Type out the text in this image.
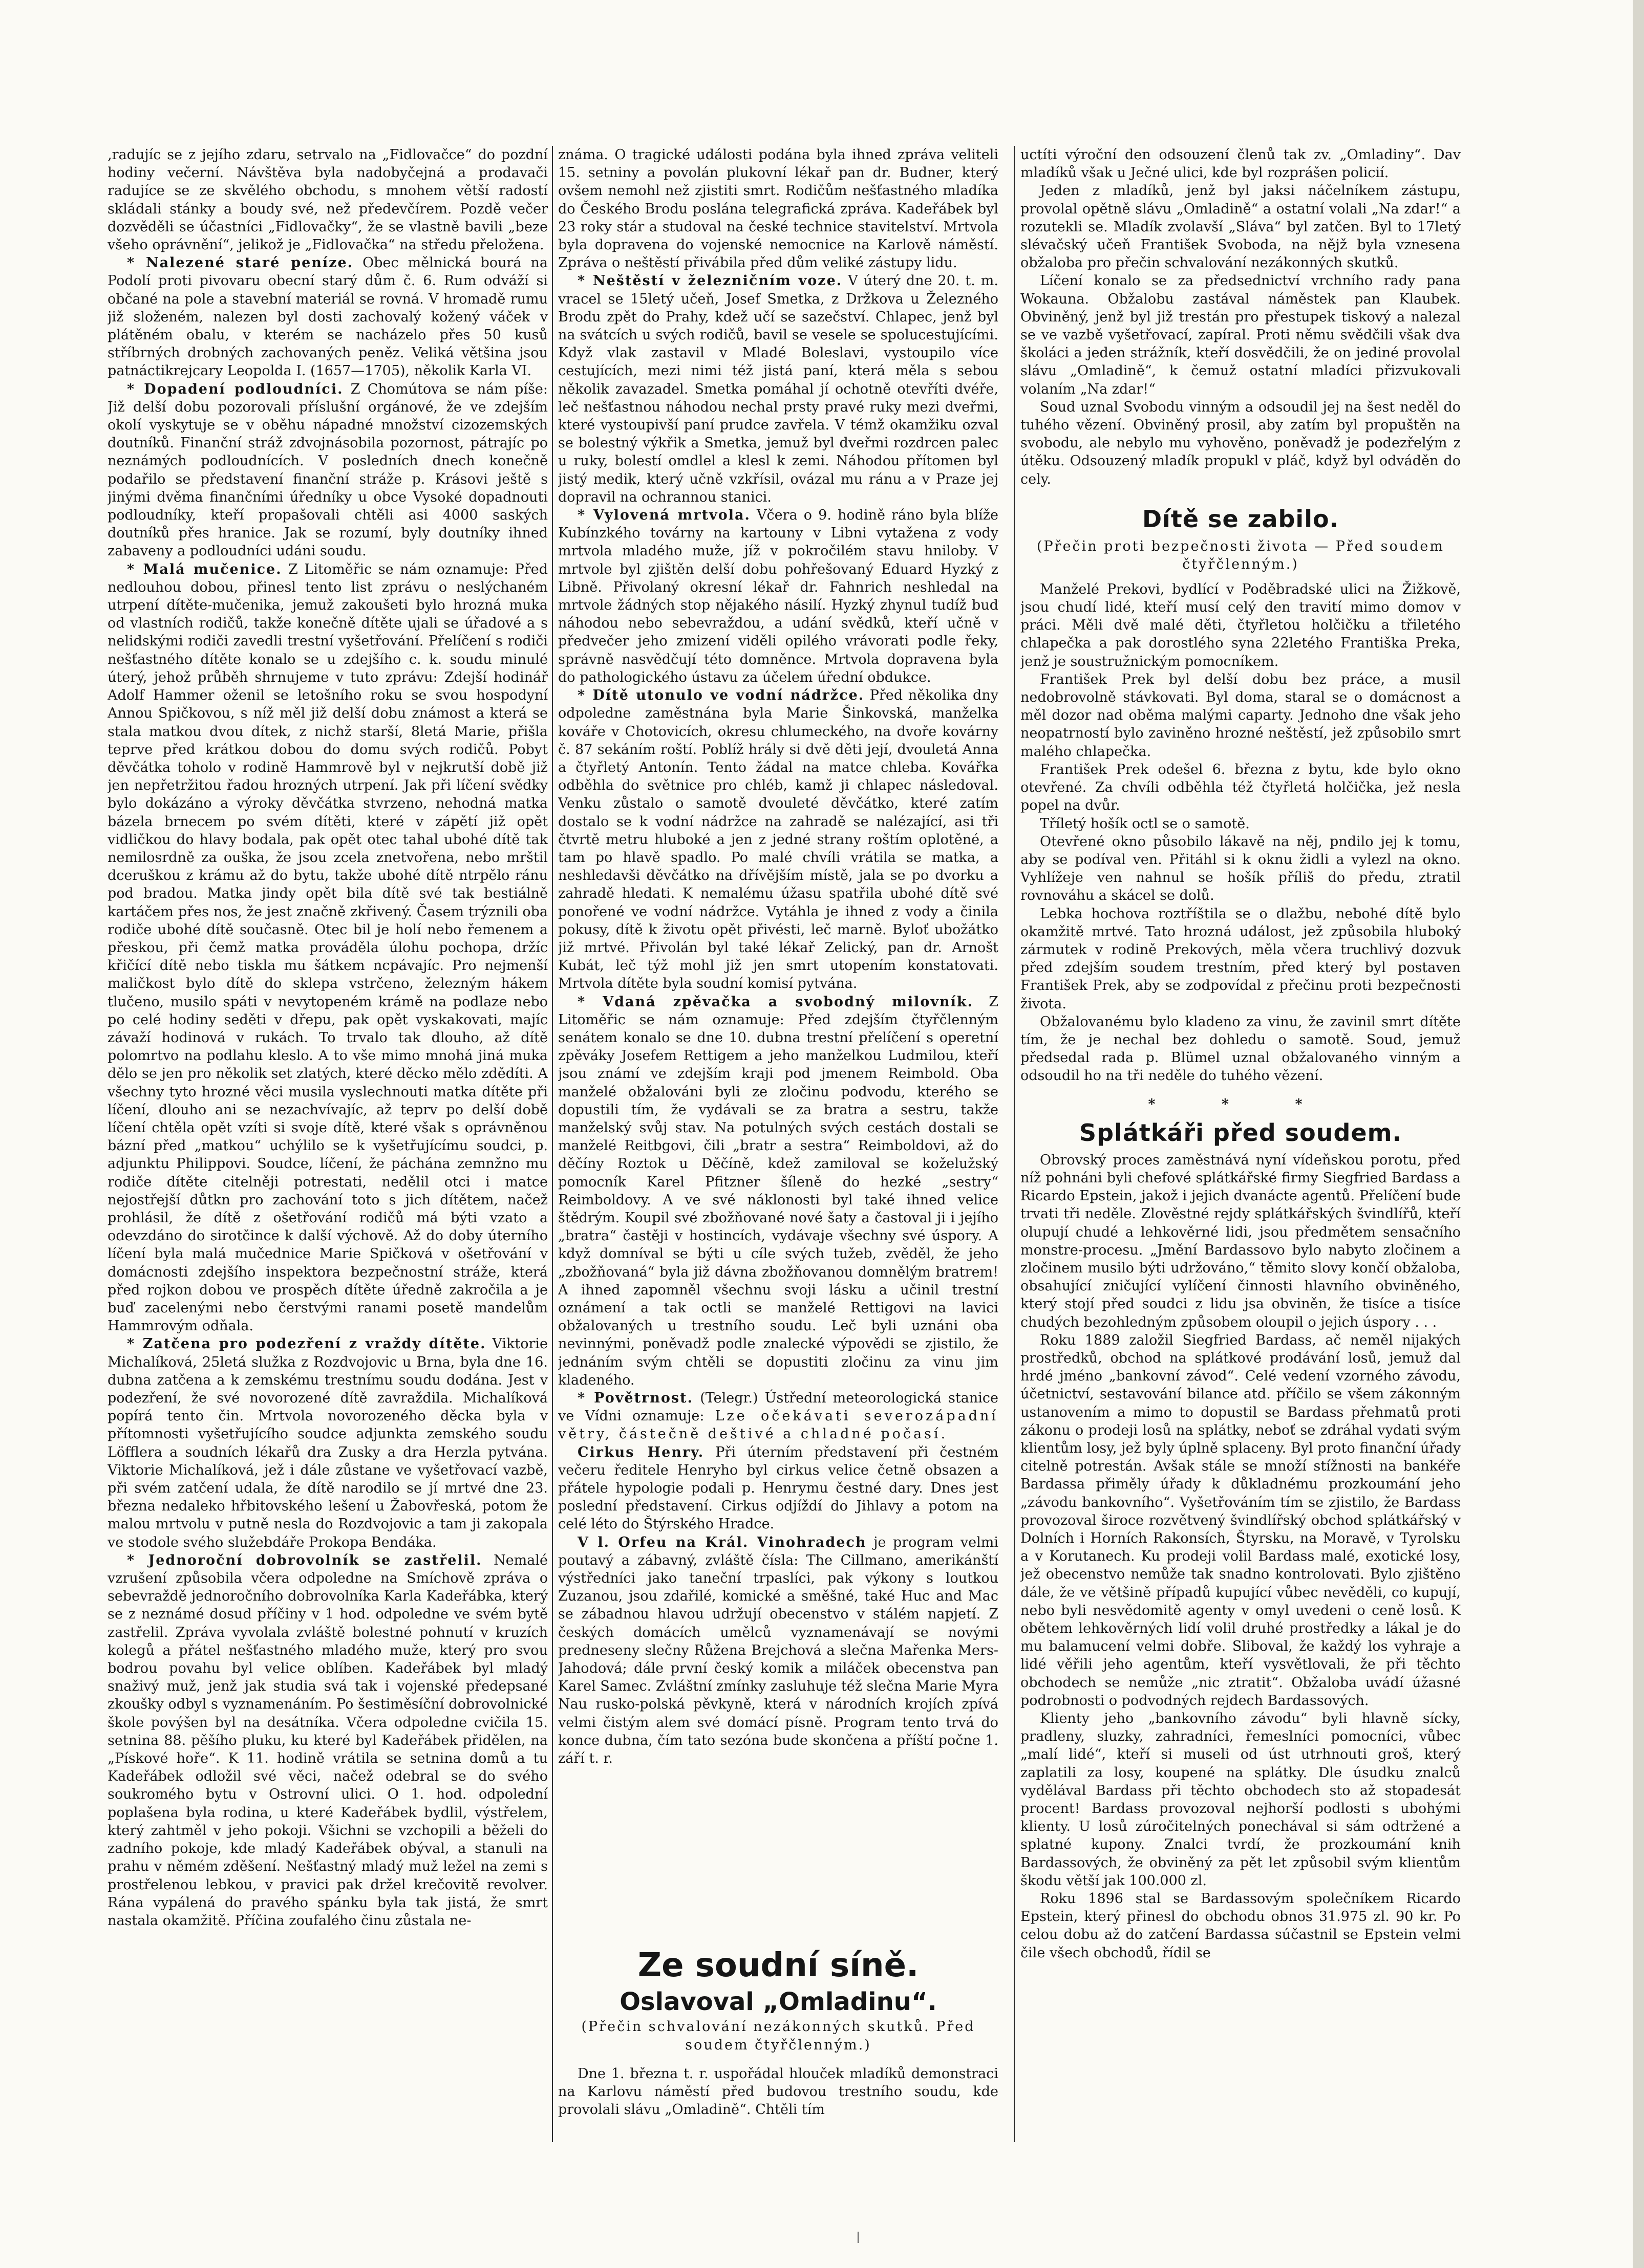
‚radujíc se z jejího zdaru, setrvalo na „Fidlovačce“ do pozdní hodiny večerní. Návštěva byla nadobyčejná a prodavači radujíce se ze skvělého obchodu, s mnohem větší radostí skládali stánky a boudy své, než předevčírem. Pozdě večer dozvěděli se účastníci „Fidlovačky“, že se vlastně bavili „beze všeho oprávnění“, jelikož je „Fidlovačka“ na středu přeložena.

* Nalezené staré peníze. Obec mělnická bourá na Podolí proti pivovaru obecní starý dům č. 6. Rum odváží si občané na pole a stavební materiál se rovná. V hromadě rumu již složeném, nalezen byl dosti zachovalý kožený váček v plátěném obalu, v kterém se nacházelo přes 50 kusů stříbrných drobných zachovaných peněz. Veliká většina jsou patnáctikrejcary Leopolda I. (1657—1705), několik Karla VI.

* Dopadení podloudníci. Z Chomútova se nám píše: Již delší dobu pozorovali příslušní orgánové, že ve zdejším okolí vyskytuje se v oběhu nápadné množství cizozemských doutníků. Finanční stráž zdvojnásobila pozornost, pátrajíc po neznámých podloudnících. V posledních dnech konečně podařilo se představení finanční stráže p. Krásovi ještě s jinými dvěma finančními úředníky u obce Vysoké dopadnouti podloudníky, kteří propašovali chtěli asi 4000 saských doutníků přes hranice. Jak se rozumí, byly doutníky ihned zabaveny a podloudníci udáni soudu.

* Malá mučenice. Z Litoměřic se nám oznamuje: Před nedlouhou dobou, přinesl tento list zprávu o neslýchaném utrpení dítěte-mučenika, jemuž zakoušeti bylo hrozná muka od vlastních rodičů, takže konečně dítěte ujali se úřadové a s nelidskými rodiči zavedli trestní vyšetřování. Přelíčení s rodiči nešťastného dítěte konalo se u zdejšího c. k. soudu minulé úterý, jehož průběh shrnujeme v tuto zprávu: Zdejší hodinář Adolf Hammer oženil se letošního roku se svou hospodyní Annou Spičkovou, s níž měl již delší dobu známost a která se stala matkou dvou dítek, z nichž starší, 8letá Marie, přišla teprve před krátkou dobou do domu svých rodičů. Pobyt děvčátka toholo v rodině Hammrově byl v nejkrutší době již jen nepřetržitou řadou hrozných utrpení. Jak při líčení svědky bylo dokázáno a výroky děvčátka stvrzeno, nehodná matka bázela brnecem po svém dítěti, které v zápětí již opět vidličkou do hlavy bodala, pak opět otec tahal ubohé dítě tak nemilosrdně za ouška, že jsou zcela znetvořena, nebo mrštil dceruškou z krámu až do bytu, takže ubohé dítě ntrpělo ránu pod bradou. Matka jindy opět bila dítě své tak bestiálně kartáčem přes nos, že jest značně zkřivený. Časem trýznili oba rodiče ubohé dítě současně. Otec bil je holí nebo řemenem a přeskou, při čemž matka prováděla úlohu pochopa, držíc křičící dítě nebo tiskla mu šátkem ncpávajíc. Pro nejmenší maličkost bylo dítě do sklepa vstrčeno, železným hákem tlučeno, musilo spáti v nevytopeném krámě na podlaze nebo po celé hodiny seděti v dřepu, pak opět vyskakovati, majíc závaží hodinová v rukách. To trvalo tak dlouho, až dítě polomrtvo na podlahu kleslo. A to vše mimo mnohá jiná muka dělo se jen pro několik set zlatých, které děcko mělo zdědíti. A všechny tyto hrozné věci musila vyslechnouti matka dítěte při líčení, dlouho ani se nezachvívajíc, až teprv po delší době líčení chtěla opět vzíti si svoje dítě, které však s oprávněnou bázní před „matkou“ uchýlilo se k vyšetřujícímu soudci, p. adjunktu Philippovi. Soudce, líčení, že páchána zemnžno mu rodiče dítěte citelněji potrestati, nedělil otci i matce nejostřejší důtkn pro zachování toto s jich dítětem, načež prohlásil, že dítě z ošetřování rodičů má býti vzato a odevzdáno do sirotčince k další výchově. Až do doby úterního líčení byla malá mučednice Marie Spičková v ošetřování v domácnosti zdejšího inspektora bezpečnostní stráže, která před rojkon dobou ve prospěch dítěte úředně zakročila a je buď zacelenými nebo čerstvými ranami posetě mandelům Hammrovým odňala.

* Zatčena pro podezření z vraždy dítěte. Viktorie Michalíková, 25letá služka z Rozdvojovic u Brna, byla dne 16. dubna zatčena a k zemskému trestnímu soudu dodána. Jest v podezření, že své novorozené dítě zavraždila. Michalíková popírá tento čin. Mrtvola novorozeného děcka byla v přítomnosti vyšetřujícího soudce adjunkta zemského soudu Löfflera a soudních lékařů dra Zusky a dra Herzla pytvána. Viktorie Michalíková, jež i dále zůstane ve vyšetřovací vazbě, při svém zatčení udala, že dítě narodilo se jí mrtvé dne 23. března nedaleko hřbitovského lešení u Žabovřeská, potom že malou mrtvolu v putně nesla do Rozdvojovic a tam ji zakopala ve stodole svého služebdáře Prokopa Bendáka.

* Jednoroční dobrovolník se zastřelil. Nemalé vzrušení způsobila včera odpoledne na Smíchově zpráva o sebevraždě jednoročního dobrovolníka Karla Kadeřábka, který se z neznámé dosud příčiny v 1 hod. odpoledne ve svém bytě zastřelil. Zpráva vyvolala zvláště bolestné pohnutí v kruzích kolegů a přátel nešťastného mladého muže, který pro svou bodrou povahu byl velice oblíben. Kadeřábek byl mladý snaživý muž, jenž jak studia svá tak i vojenské předepsané zkoušky odbyl s vyznamenáním. Po šestiměsíční dobrovolnické škole povýšen byl na desátníka. Včera odpoledne cvičila 15. setnina 88. pěšího pluku, ku které byl Kadeřábek přidělen, na „Pískové hoře“. K 11. hodině vrátila se setnina domů a tu Kadeřábek odložil své věci, načež odebral se do svého soukromého bytu v Ostrovní ulici. O 1. hod. odpolední poplašena byla rodina, u které Kadeřábek bydlil, výstřelem, který zahtměl v jeho pokoji. Všichni se vzchopili a běželi do zadního pokoje, kde mladý Kadeřábek obýval, a stanuli na prahu v němém zděšení. Nešťastný mladý muž ležel na zemi s prostřelenou lebkou, v pravici pak držel krečovitě revolver. Rána vypálená do pravého spánku byla tak jistá, že smrt nastala okamžitě. Příčina zoufalého činu zůstala ne-

známa. O tragické události podána byla ihned zpráva veliteli 15. setniny a povolán plukovní lékař pan dr. Budner, který ovšem nemohl než zjistiti smrt. Rodičům nešťastného mladíka do Českého Brodu poslána telegrafická zpráva. Kadeřábek byl 23 roky stár a studoval na české technice stavitelství. Mrtvola byla dopravena do vojenské nemocnice na Karlově náměstí. Zpráva o neštěstí přivábila před dům veliké zástupy lidu.

* Neštěstí v železničním voze. V úterý dne 20. t. m. vracel se 15letý učeň, Josef Smetka, z Držkova u Železného Brodu zpět do Prahy, kdež učí se sazečství. Chlapec, jenž byl na svátcích u svých rodičů, bavil se vesele se spolucestujícími. Když vlak zastavil v Mladé Boleslavi, vystoupilo více cestujících, mezi nimi též jistá paní, která měla s sebou několik zavazadel. Smetka pomáhal jí ochotně otevříti dvéře, leč nešťastnou náhodou nechal prsty pravé ruky mezi dveřmi, které vystoupivší paní prudce zavřela. V témž okamžiku ozval se bolestný výkřik a Smetka, jemuž byl dveřmi rozdrcen palec u ruky, bolestí omdlel a klesl k zemi. Náhodou přítomen byl jistý medik, který učně vzkřísil, ovázal mu ránu a v Praze jej dopravil na ochrannou stanici.

* Vylovená mrtvola. Včera o 9. hodině ráno byla blíže Kubínzkého továrny na kartouny v Libni vytažena z vody mrtvola mladého muže, jíž v pokročilém stavu hniloby. V mrtvole byl zjištěn delší dobu pohřešovaný Eduard Hyzký z Libně. Přivolaný okresní lékař dr. Fahnrich neshledal na mrtvole žádných stop nějakého násilí. Hyzký zhynul tudíž buď náhodou nebo sebevraždou, a udání svědků, kteří učně v předvečer jeho zmizení viděli opilého vrávorati podle řeky, správně nasvědčují této domněnce. Mrtvola dopravena byla do pathologického ústavu za účelem úřední obdukce.

* Dítě utonulo ve vodní nádržce. Před několika dny odpoledne zaměstnána byla Marie Šinkovská, manželka kováře v Chotovicích, okresu chlumeckého, na dvoře kovárny č. 87 sekáním roští. Poblíž hrály si dvě děti její, dvouletá Anna a čtyřletý Antonín. Tento žádal na matce chleba. Kovářka odběhla do světnice pro chléb, kamž ji chlapec následoval. Venku zůstalo o samotě dvouleté děvčátko, které zatím dostalo se k vodní nádržce na zahradě se nalézající, asi tři čtvrtě metru hluboké a jen z jedné strany roštím oplotěné, a tam po hlavě spadlo. Po malé chvíli vrátila se matka, a neshledavši děvčátko na dřívějším místě, jala se po dvorku a zahradě hledati. K nemalému úžasu spatřila ubohé dítě své ponořené ve vodní nádržce. Vytáhla je ihned z vody a činila pokusy, dítě k životu opět přivésti, leč marně. Byloť ubožátko již mrtvé. Přivolán byl také lékař Zelický, pan dr. Arnošt Kubát, leč týž mohl již jen smrt utopením konstatovati. Mrtvola dítěte byla soudní komisí pytvána.

* Vdaná zpěvačka a svobodný milovník. Z Litoměřic se nám oznamuje: Před zdejším čtyřčlenným senátem konalo se dne 10. dubna trestní přelíčení s operetní zpěváky Josefem Rettigem a jeho manželkou Ludmilou, kteří jsou známí ve zdejším kraji pod jmenem Reimbold. Oba manželé obžalováni byli ze zločinu podvodu, kterého se dopustili tím, že vydávali se za bratra a sestru, takže manželský svůj stav. Na potulných svých cestách dostali se manželé Reitbgovi, čili „bratr a sestra“ Reimboldovi, až do děčíny Roztok u Děčíně, kdež zamiloval se koželužský pomocník Karel Pfitzner šíleně do hezké „sestry“ Reimboldovy. A ve své náklonosti byl také ihned velice štědrým. Koupil své zbožňované nové šaty a častoval ji i jejího „bratra“ častěji v hostincích, vydávaje všechny své úspory. A když domníval se býti u cíle svých tužeb, zvěděl, že jeho „zbožňovaná“ byla již dávna zbožňovanou domnělým bratrem! A ihned zapomněl všechnu svoji lásku a učinil trestní oznámení a tak octli se manželé Rettigovi na lavici obžalovaných u trestního soudu. Leč byli uznáni oba nevinnými, poněvadž podle znalecké výpovědi se zjistilo, že jednáním svým chtěli se dopustiti zločinu za vinu jim kladeného.

* Povětrnost. (Telegr.) Ústřední meteorologická stanice ve Vídni oznamuje: Lze očekávati severozápadní větry, částečně deštivé a chladné počasí.

Cirkus Henry. Při úterním představení při čestném večeru ředitele Henryho byl cirkus velice četně obsazen a přátele hypologie podali p. Henrymu čestné dary. Dnes jest poslední představení. Cirkus odjíždí do Jihlavy a potom na celé léto do Štýrského Hradce.

V l. Orfeu na Král. Vinohradech je program velmi poutavý a zábavný, zvláště čísla: The Cillmano, amerikánští výstředníci jako taneční trpaslíci, pak výkony s loutkou Zuzanou, jsou zdařilé, komické a směšné, také Huc and Mac se zábadnou hlavou udržují obecenstvo v stálém napjetí. Z českých domácích umělců vyznamenávají se novými predneseny slečny Růžena Brejchová a slečna Mařenka Mers-Jahodová; dále první český komik a miláček obecenstva pan Karel Samec. Zvláštní zmínky zasluhuje též slečna Marie Myra Nau rusko-polská pěvkyně, která v národních krojích zpívá velmi čistým alem své domácí písně. Program tento trvá do konce dubna, čím tato sezóna bude skončena a příští počne 1. září t. r.

Ze soudní síně.
Oslavoval „Omladinu“.
(Přečin schvalování nezákonných skutků. Před soudem čtyřčlenným.)
Dne 1. března t. r. uspořádal hlouček mladíků demonstraci na Karlovu náměstí před budovou trestního soudu, kde provolali slávu „Omladině“. Chtěli tím

uctíti výroční den odsouzení členů tak zv. „Omladiny“. Dav mladíků však u Ječné ulici, kde byl rozprášen policií.

Jeden z mladíků, jenž byl jaksi náčelníkem zástupu, provolal opětně slávu „Omladině“ a ostatní volali „Na zdar!“ a rozutekli se. Mladík zvolavší „Sláva“ byl zatčen. Byl to 17letý slévačský učeň František Svoboda, na nějž byla vznesena obžaloba pro přečin schvalování nezákonných skutků.

Líčení konalo se za předsednictví vrchního rady pana Wokauna. Obžalobu zastával náměstek pan Klaubek. Obviněný, jenž byl již trestán pro přestupek tiskový a nalezal se ve vazbě vyšetřovací, zapíral. Proti němu svědčili však dva školáci a jeden strážník, kteří dosvědčili, že on jediné provolal slávu „Omladině“, k čemuž ostatní mladíci přizvukovali volaním „Na zdar!“

Soud uznal Svobodu vinným a odsoudil jej na šest neděl do tuhého vězení. Obviněný prosil, aby zatím byl propuštěn na svobodu, ale nebylo mu vyhověno, poněvadž je podezřelým z útěku. Odsouzený mladík propukl v pláč, když byl odváděn do cely.

Dítě se zabilo.
(Přečin proti bezpečnosti života — Před soudem čtyřčlenným.)

Manželé Prekovi, bydlící v Poděbradské ulici na Žižkově, jsou chudí lidé, kteří musí celý den travití mimo domov v práci. Měli dvě malé děti, čtyřletou holčičku a třiletého chlapečka a pak dorostlého syna 22letého Františka Preka, jenž je soustružnickým pomocníkem.

František Prek byl delší dobu bez práce, a musil nedobrovolně stávkovati. Byl doma, staral se o domácnost a měl dozor nad oběma malými caparty. Jednoho dne však jeho neopatrností bylo zaviněno hrozné neštěstí, jež způsobilo smrt malého chlapečka.

František Prek odešel 6. března z bytu, kde bylo okno otevřené. Za chvíli odběhla též čtyřletá holčička, jež nesla popel na dvůr.

Tříletý hošík octl se o samotě.

Otevřené okno působilo lákavě na něj, pndilo jej k tomu, aby se podíval ven. Přitáhl si k oknu židli a vylezl na okno. Vyhlížeje ven nahnul se hošík příliš do předu, ztratil rovnováhu a skácel se dolů.

Lebka hochova roztříštila se o dlažbu, nebohé dítě bylo okamžitě mrtvé. Tato hrozná událost, jež způsobila hluboký zármutek v rodině Prekových, měla včera truchlivý dozvuk před zdejším soudem trestním, před který byl postaven František Prek, aby se zodpovídal z přečinu proti bezpečnosti života.

Obžalovanému bylo kladeno za vinu, že zavinil smrt dítěte tím, že je nechal bez dohledu o samotě. Soud, jemuž předsedal rada p. Blümel uznal obžalovaného vinným a odsoudil ho na tři neděle do tuhého vězení.

* * *
Splátkáři před soudem.

Obrovský proces zaměstnává nyní vídeňskou porotu, před níž pohnáni byli chefové splátkářské firmy Siegfried Bardass a Ricardo Epstein, jakož i jejich dvanácte agentů. Přelíčení bude trvati tři neděle. Zlověstné rejdy splátkářských švindlířů, kteří olupují chudé a lehkověrné lidi, jsou předmětem sensačního monstre-procesu. „Jmění Bardassovo bylo nabyto zločinem a zločinem musilo býti udržováno,“ těmito slovy končí obžaloba, obsahující zničující vylíčení činnosti hlavního obviněného, který stojí před soudci z lidu jsa obviněn, že tisíce a tisíce chudých bezohledným způsobem oloupil o jejich úspory . . .

Roku 1889 založil Siegfried Bardass, ač neměl nijakých prostředků, obchod na splátkové prodávání losů, jemuž dal hrdé jméno „bankovní závod“. Celé vedení vzorného závodu, účetnictví, sestavování bilance atd. příčilo se všem zákonným ustanovením a mimo to dopustil se Bardass přehmatů proti zákonu o prodeji losů na splátky, neboť se zdráhal vydati svým klientům losy, jež byly úplně splaceny. Byl proto finanční úřady citelně potrestán. Avšak stále se množí stížnosti na bankéře Bardassa přiměly úřady k důkladnému prozkoumání jeho „závodu bankovního“. Vyšetřováním tím se zjistilo, že Bardass provozoval široce rozvětvený švindlířský obchod splátkářský v Dolních i Horních Rakonsích, Štyrsku, na Moravě, v Tyrolsku a v Korutanech. Ku prodeji volil Bardass malé, exotické losy, jež obecenstvo nemůže tak snadno kontrolovati. Bylo zjištěno dále, že ve většině případů kupující vůbec nevěděli, co kupují, nebo byli nesvědomitě agenty v omyl uvedeni o ceně losů. K obětem lehkověrných lidí volil druhé prostředky a lákal je do mu balamucení velmi dobře. Sliboval, že každý los vyhraje a lidé věřili jeho agentům, kteří vysvětlovali, že při těchto obchodech se nemůže „nic ztratit“. Obžaloba uvádí úžasné podrobnosti o podvodných rejdech Bardassových.

Klienty jeho „bankovního závodu“ byli hlavně sícky, pradleny, sluzky, zahradníci, řemeslníci pomocníci, vůbec „malí lidé“, kteří si museli od úst utrhnouti groš, který zaplatili za losy, koupené na splátky. Dle úsudku znalců vydělával Bardass při těchto obchodech sto až stopadesát procent! Bardass provozoval nejhorší podlosti s ubohými klienty. U losů zúročitelných ponechával si sám odtržené a splatné kupony. Znalci tvrdí, že prozkoumání knih Bardassových, že obviněný za pět let způsobil svým klientům škodu větší jak 100.000 zl.

Roku 1896 stal se Bardassovým společníkem Ricardo Epstein, který přinesl do obchodu obnos 31.975 zl. 90 kr. Po celou dobu až do zatčení Bardassa súčastnil se Epstein velmi čile všech obchodů, řídil se
